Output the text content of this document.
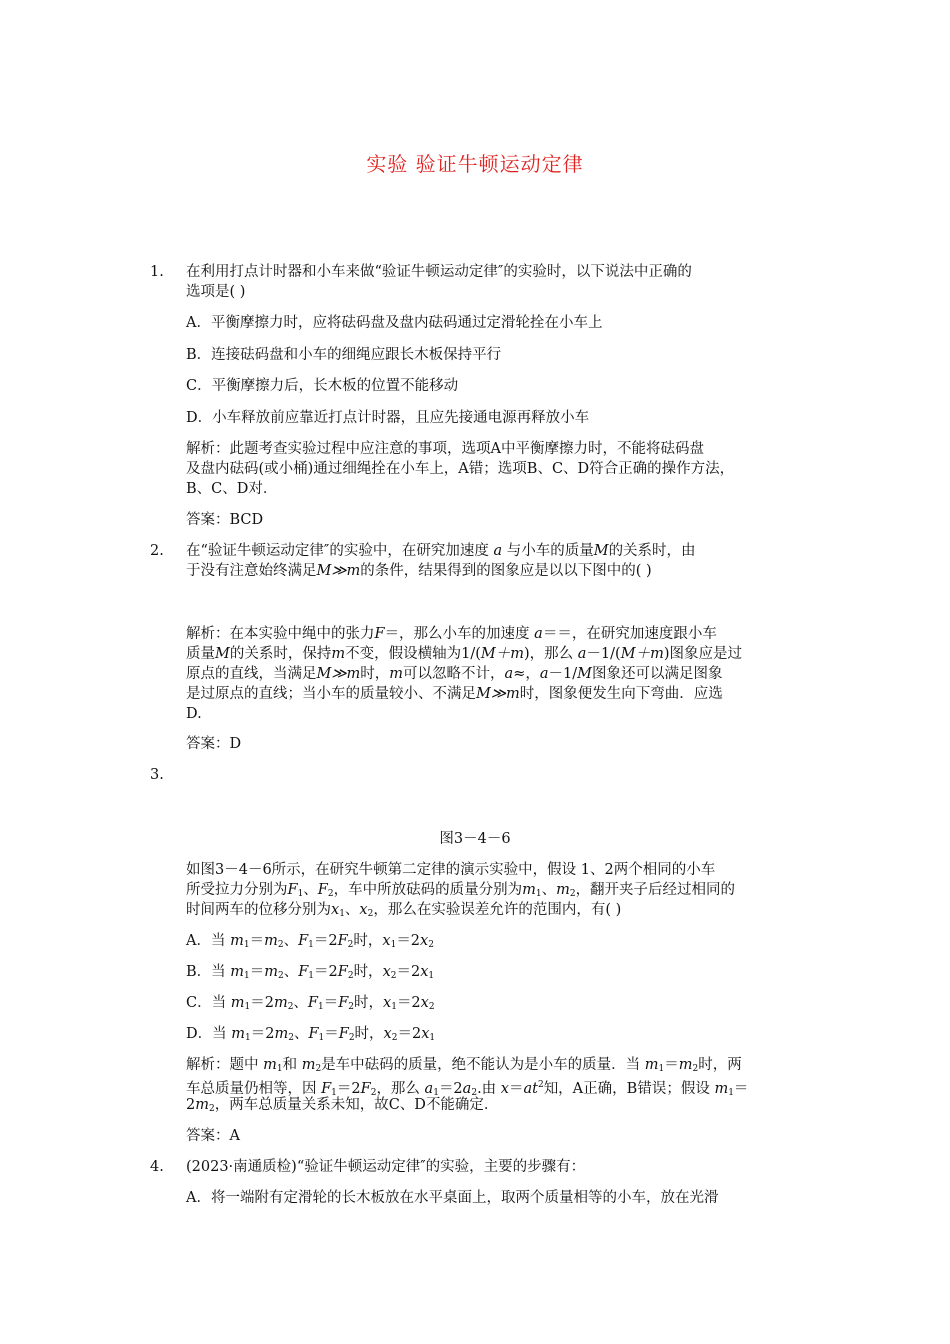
实验 验证牛顿运动定律
1. 在利用打点计时器和小车来做“验证牛顿运动定律″的实验时，以下说法中正确的
选项是( )
A．平衡摩擦力时，应将砝码盘及盘内砝码通过定滑轮拴在小车上
B．连接砝码盘和小车的细绳应跟长木板保持平行
C．平衡摩擦力后，长木板的位置不能移动
D．小车释放前应靠近打点计时器，且应先接通电源再释放小车
解析：此题考查实验过程中应注意的事项，选项A中平衡摩擦力时，不能将砝码盘
及盘内砝码(或小桶)通过细绳拴在小车上，A错；选项B、C、D符合正确的操作方法，
B、C、D对．
答案：BCD
2. 在“验证牛顿运动定律″的实验中，在研究加速度 a 与小车的质量M的关系时，由
于没有注意始终满足M≫m的条件，结果得到的图象应是以以下图中的( )
解析：在本实验中绳中的张力F＝，那么小车的加速度 a＝＝，在研究加速度跟小车
质量M的关系时，保持m不变，假设横轴为1/(M＋m)，那么 a－1/(M＋m)图象应是过
原点的直线，当满足M≫m时，m可以忽略不计，a≈，a－1/M图象还可以满足图象
是过原点的直线；当小车的质量较小、不满足M≫m时，图象便发生向下弯曲．应选
D.
答案：D
3.
图3－4－6
如图3－4－6所示，在研究牛顿第二定律的演示实验中，假设 1、2两个相同的小车
所受拉力分别为$F_1$、$F_2$，车中所放砝码的质量分别为$m_1$、$m_2$，翻开夹子后经过相同的
时间两车的位移分别为$x_1$、$x_2$，那么在实验误差允许的范围内，有( )
A．当 $m_1=m_2$、$F_1=2F_2$时，$x_1=2x_2$
B．当 $m_1=m_2$、$F_1=2F_2$时，$x_2=2x_1$
C．当 $m_1=2m_2$、$F_1=F_2$时，$x_1=2x_2$
D．当 $m_1=2m_2$、$F_1=F_2$时，$x_2=2x_1$
解析：题中 $m_1$和 $m_2$是车中砝码的质量，绝不能认为是小车的质量．当 $m_1=m_2$时，两
车总质量仍相等，因 $F_1=2F_2$，那么 $a_1=2a_2$.由 $x=at^2$知，A正确，B错误；假设 $m_1=$
$2m_2$，两车总质量关系未知，故C、D不能确定．
答案：A
4. (2023·南通质检)“验证牛顿运动定律″的实验，主要的步骤有：
A．将一端附有定滑轮的长木板放在水平桌面上，取两个质量相等的小车，放在光滑
